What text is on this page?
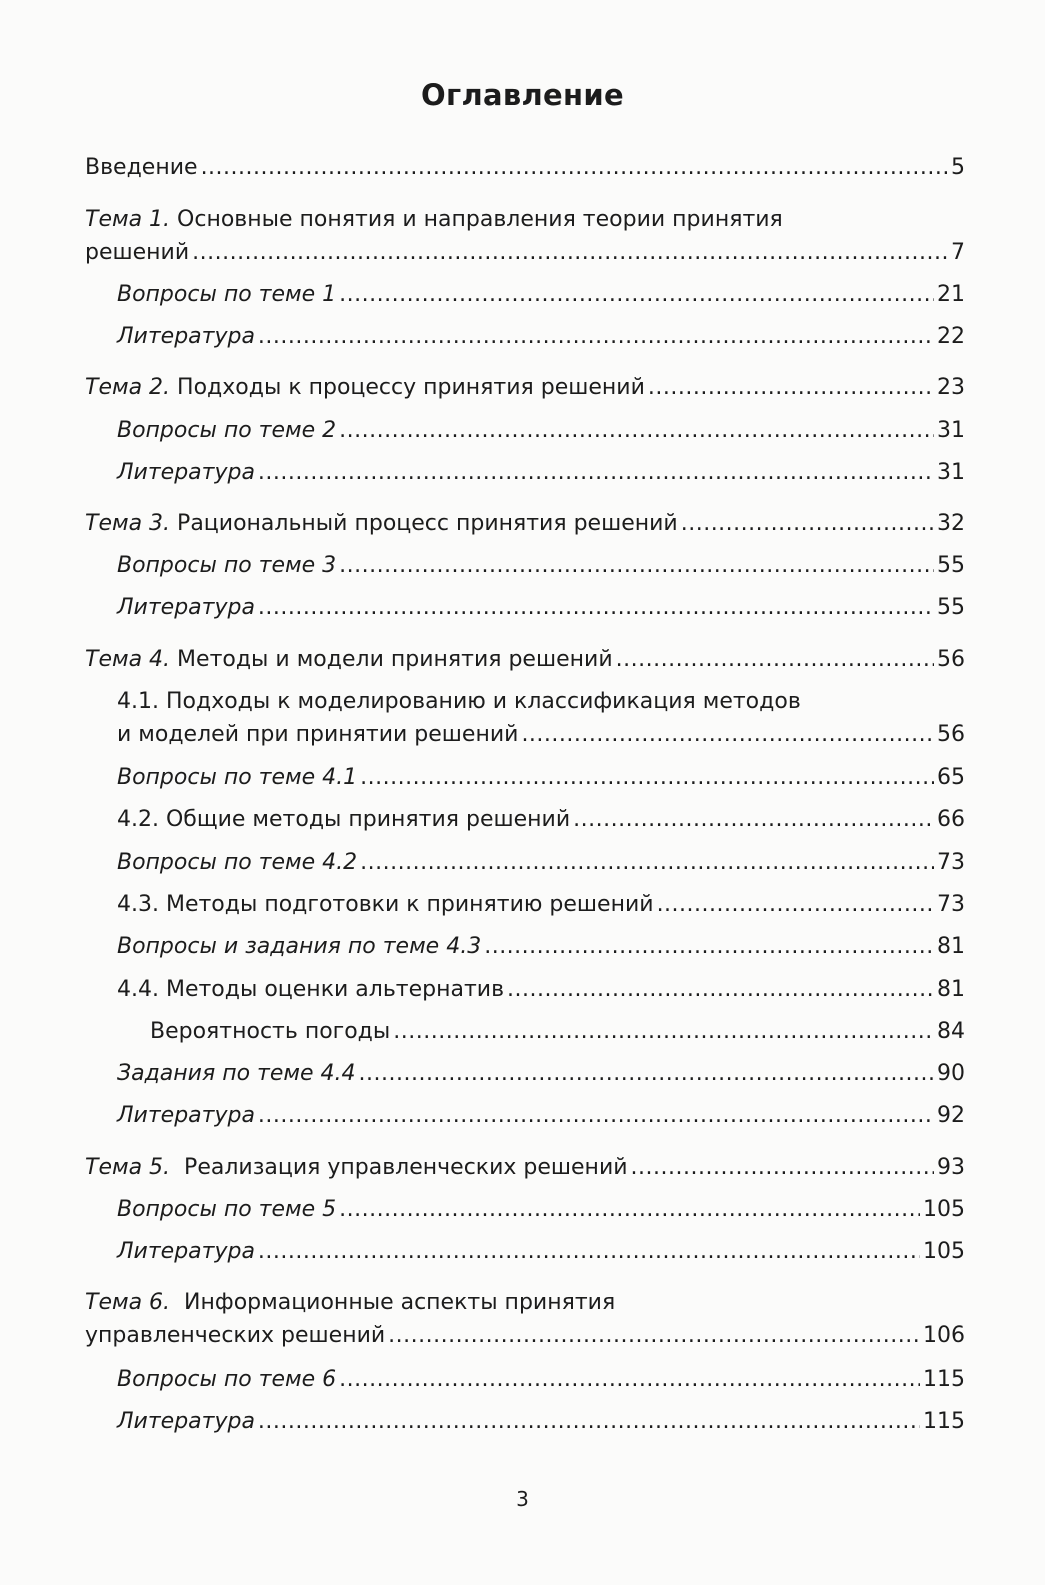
Оглавление
Введение .....	5
Тема 1. Основные понятия и направления теории принятия
решений .....	7
Вопросы по теме 1 .....	21
Литература .....	22
Тема 2. Подходы к процессу принятия решений .....	23
Вопросы по теме 2 .....	31
Литература .....	31
Тема 3. Рациональный процесс принятия решений .....	32
Вопросы по теме 3 .....	55
Литература .....	55
Тема 4. Методы и модели принятия решений .....	56
4.1. Подходы к моделированию и классификация методов
и моделей при принятии решений .....	56
Вопросы по теме 4.1 .....	65
4.2. Общие методы принятия решений .....	66
Вопросы по теме 4.2 .....	73
4.3. Методы подготовки к принятию решений .....	73
Вопросы и задания по теме 4.3 .....	81
4.4. Методы оценки альтернатив .....	81
Вероятность погоды .....	84
Задания по теме 4.4 .....	90
Литература .....	92
Тема 5. Реализация управленческих решений .....	93
Вопросы по теме 5 .....	105
Литература .....	105
Тема 6. Информационные аспекты принятия
управленческих решений .....	106
Вопросы по теме 6 .....	115
Литература .....	115
3
